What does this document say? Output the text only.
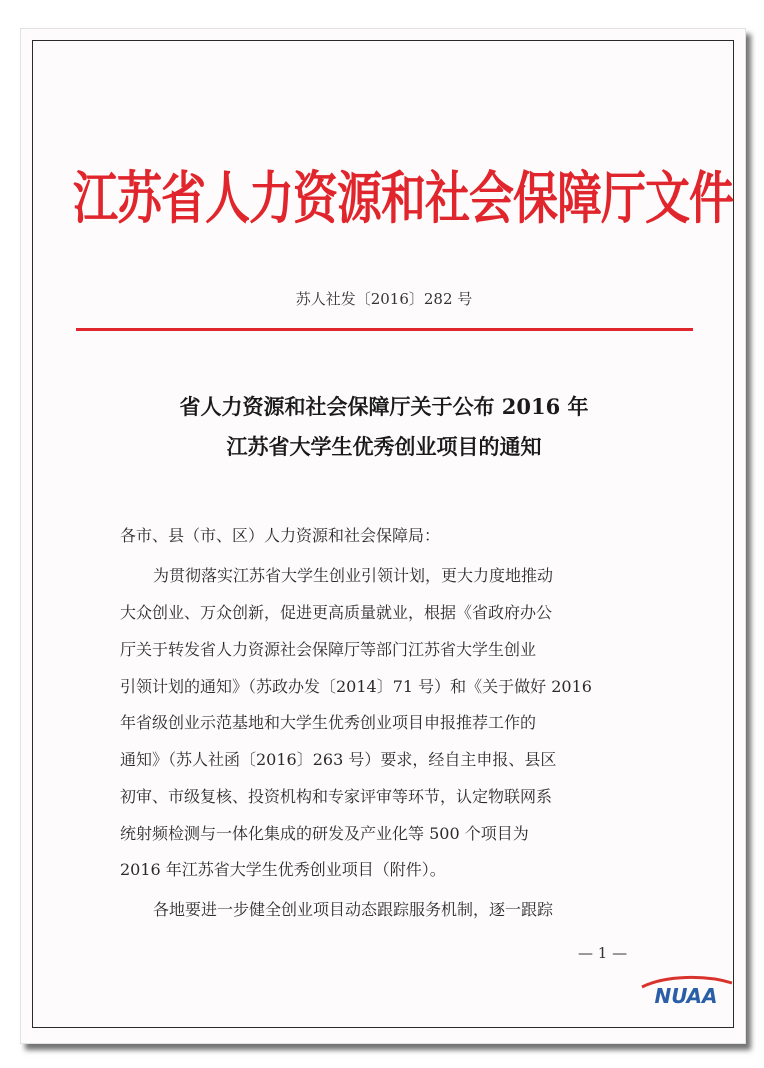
江苏省人力资源和社会保障厅文件
苏人社发〔2016〕282 号
省人力资源和社会保障厅关于公布 2016 年
江苏省大学生优秀创业项目的通知
各市、县（市、区）人力资源和社会保障局：
为贯彻落实江苏省大学生创业引领计划，更大力度地推动
大众创业、万众创新，促进更高质量就业，根据《省政府办公
厅关于转发省人力资源社会保障厅等部门江苏省大学生创业
引领计划的通知》（苏政办发〔2014〕71 号）和《关于做好 2016
年省级创业示范基地和大学生优秀创业项目申报推荐工作的
通知》（苏人社函〔2016〕263 号）要求，经自主申报、县区
初审、市级复核、投资机构和专家评审等环节，认定物联网系
统射频检测与一体化集成的研发及产业化等 500 个项目为
2016 年江苏省大学生优秀创业项目（附件）。
各地要进一步健全创业项目动态跟踪服务机制，逐一跟踪
— 1 —
NUAA
